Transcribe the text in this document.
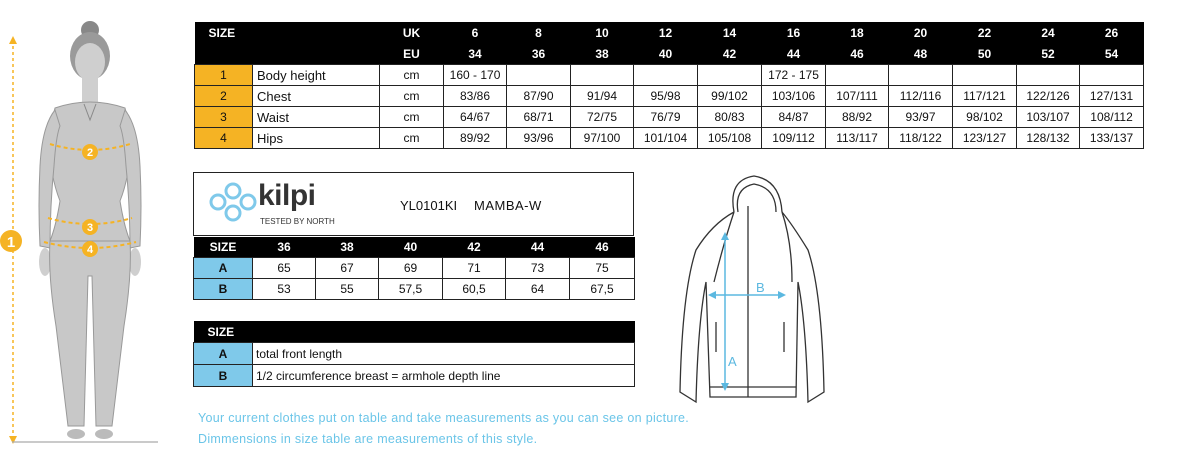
1
2
3
4
SIZE		UK	6	8	10	12	14	16	18	20	22	24	26
		EU	34	36	38	40	42	44	46	48	50	52	54
1	Body height	cm	160 - 170					172 - 175					
2	Chest	cm	83/86	87/90	91/94	95/98	99/102	103/106	107/111	112/116	117/121	122/126	127/131
3	Waist	cm	64/67	68/71	72/75	76/79	80/83	84/87	88/92	93/97	98/102	103/107	108/112
4	Hips	cm	89/92	93/96	97/100	101/104	105/108	109/112	113/117	118/122	123/127	128/132	133/137
kilpi
TESTED BY NORTH
YL0101KI MAMBA-W
SIZE	36	38	40	42	44	46
A	65	67	69	71	73	75
B	53	55	57,5	60,5	64	67,5
SIZE	
A	total front length
B	1/2 circumference breast = armhole depth line
A
B
Your current clothes put on table and take measurements as you can see on picture.
Dimmensions in size table are measurements of this style.
